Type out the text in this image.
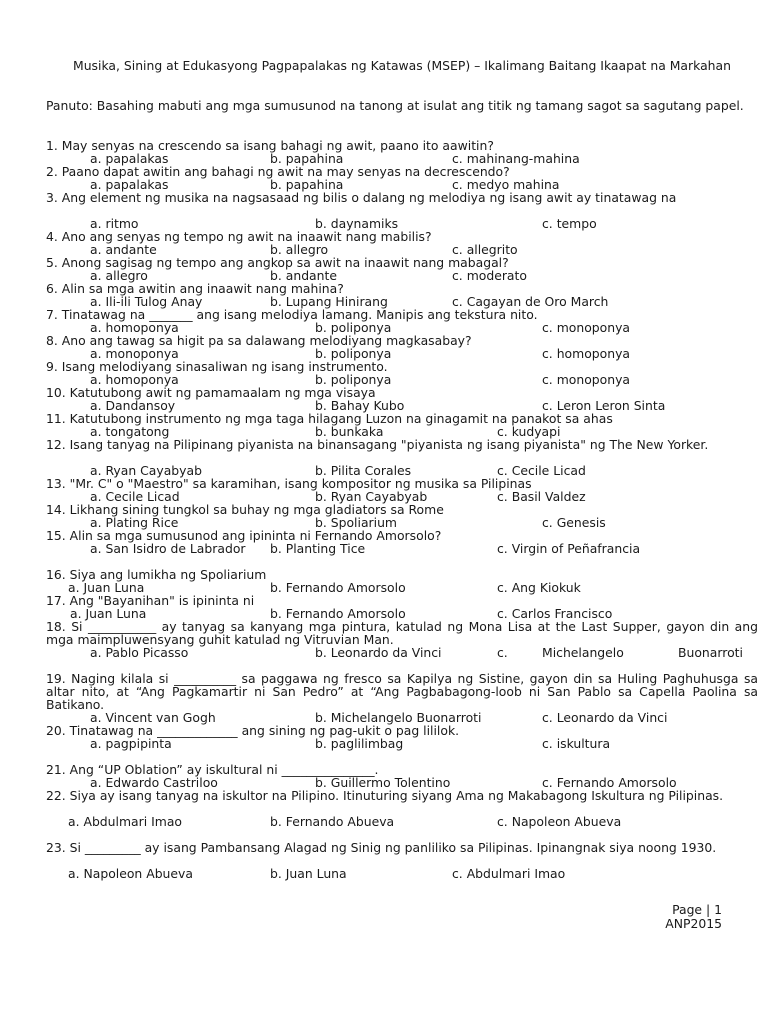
Musika, Sining at Edukasyong Pagpapalakas ng Katawas (MSEP) – Ikalimang Baitang Ikaapat na Markahan
Panuto: Basahing mabuti ang mga sumusunod na tanong at isulat ang titik ng tamang sagot sa sagutang papel.
1. May senyas na crescendo sa isang bahagi ng awit, paano ito aawitin?
a. papalakas	b. papahina	c. mahinang-mahina
2. Paano dapat awitin ang bahagi ng awit na may senyas na decrescendo?
a. papalakas	b. papahina	c. medyo mahina
3. Ang element ng musika na nagsasaad ng bilis o dalang ng melodiya ng isang awit ay tinatawag na
a. ritmo	b. daynamiks	c. tempo
4. Ano ang senyas ng tempo ng awit na inaawit nang mabilis?
a. andante	b. allegro	c. allegrito
5. Anong sagisag ng tempo ang angkop sa awit na inaawit nang mabagal?
a. allegro	b. andante	c. moderato
6. Alin sa mga awitin ang inaawit nang mahina?
a. Ili-ili Tulog Anay	b. Lupang Hinirang	c. Cagayan de Oro March
7. Tinatawag na _______ ang isang melodiya lamang. Manipis ang tekstura nito.
a. homoponya	b. poliponya	c. monoponya
8. Ano ang tawag sa higit pa sa dalawang melodiyang magkasabay?
a. monoponya	b. poliponya	c. homoponya
9. Isang melodiyang sinasaliwan ng isang instrumento.
a. homoponya	b. poliponya	c. monoponya
10. Katutubong awit ng pamamaalam ng mga visaya
a. Dandansoy	b. Bahay Kubo	c. Leron Leron Sinta
11. Katutubong instrumento ng mga taga hilagang Luzon na ginagamit na panakot sa ahas
a. tongatong	b. bunkaka	c. kudyapi
12. Isang tanyag na Pilipinang piyanista na binansagang "piyanista ng isang piyanista" ng The New Yorker.
a. Ryan Cayabyab	b. Pilita Corales	c. Cecile Licad
13. "Mr. C" o "Maestro" sa karamihan, isang kompositor ng musika sa Pilipinas
a. Cecile Licad	b. Ryan Cayabyab	c. Basil Valdez
14. Likhang sining tungkol sa buhay ng mga gladiators sa Rome
a. Plating Rice	b. Spoliarium	c. Genesis
15. Alin sa mga sumusunod ang ipininta ni Fernando Amorsolo?
a. San Isidro de Labrador b. Planting Tice	c. Virgin of Peñafrancia
16. Siya ang lumikha ng Spoliarium
a. Juan Luna	b. Fernando Amorsolo	c. Ang Kiokuk
17. Ang "Bayanihan" is ipininta ni
a. Juan Luna	b. Fernando Amorsolo	c. Carlos Francisco
18. Si ___________ ay tanyag sa kanyang mga pintura, katulad ng Mona Lisa at the Last Supper, gayon din ang mga maimpluwensyang guhit katulad ng Vitruvian Man.
a. Pablo Picasso	b. Leonardo da Vinci	c.	Michelangelo	Buonarroti
19. Naging kilala si __________ sa paggawa ng fresco sa Kapilya ng Sistine, gayon din sa Huling Paghuhusga sa altar nito, at “Ang Pagkamartir ni San Pedro” at “Ang Pagbabagong-loob ni San Pablo sa Capella Paolina sa Batikano.
a. Vincent van Gogh	b. Michelangelo Buonarroti	c. Leonardo da Vinci
20. Tinatawag na _____________ ang sining ng pag-ukit o pag lililok.
a. pagpipinta	b. paglilimbag	c. iskultura
21. Ang “UP Oblation” ay iskultural ni _______________.
a. Edwardo Castriloo	b. Guillermo Tolentino	c. Fernando Amorsolo
22. Siya ay isang tanyag na iskultor na Pilipino. Itinuturing siyang Ama ng Makabagong Iskultura ng Pilipinas.
a. Abdulmari Imao	b. Fernando Abueva	c. Napoleon Abueva
23. Si _________ ay isang Pambansang Alagad ng Sinig ng panliliko sa Pilipinas. Ipinangnak siya noong 1930.
a. Napoleon Abueva	b. Juan Luna	c. Abdulmari Imao
Page | 1
ANP2015
